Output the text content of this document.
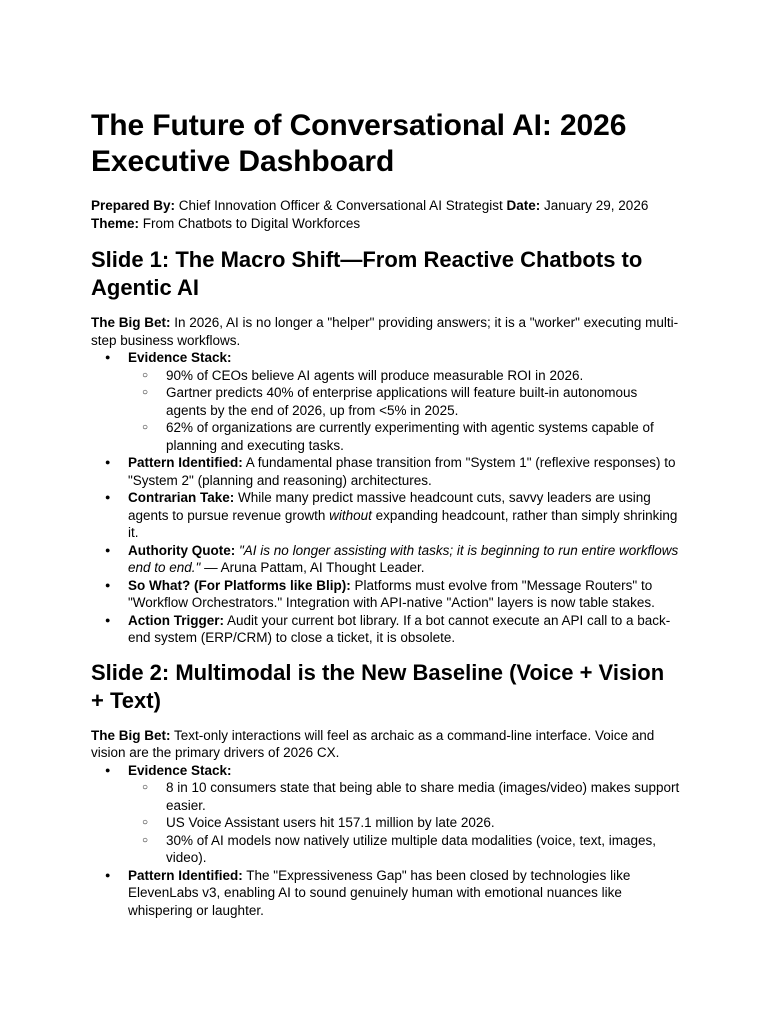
The Future of Conversational AI: 2026 Executive Dashboard

Prepared By: Chief Innovation Officer & Conversational AI Strategist Date: January 29, 2026
Theme: From Chatbots to Digital Workforces

Slide 1: The Macro Shift—From Reactive Chatbots to Agentic AI

The Big Bet: In 2026, AI is no longer a "helper" providing answers; it is a "worker" executing multi-step business workflows.

● Evidence Stack:
○ 90% of CEOs believe AI agents will produce measurable ROI in 2026.
○ Gartner predicts 40% of enterprise applications will feature built-in autonomous agents by the end of 2026, up from <5% in 2025.
○ 62% of organizations are currently experimenting with agentic systems capable of planning and executing tasks.
● Pattern Identified: A fundamental phase transition from "System 1" (reflexive responses) to "System 2" (planning and reasoning) architectures.
● Contrarian Take: While many predict massive headcount cuts, savvy leaders are using agents to pursue revenue growth without expanding headcount, rather than simply shrinking it.
● Authority Quote: "AI is no longer assisting with tasks; it is beginning to run entire workflows end to end." — Aruna Pattam, AI Thought Leader.
● So What? (For Platforms like Blip): Platforms must evolve from "Message Routers" to "Workflow Orchestrators." Integration with API-native "Action" layers is now table stakes.
● Action Trigger: Audit your current bot library. If a bot cannot execute an API call to a back-end system (ERP/CRM) to close a ticket, it is obsolete.
Slide 2: Multimodal is the New Baseline (Voice + Vision + Text)

The Big Bet: Text-only interactions will feel as archaic as a command-line interface. Voice and vision are the primary drivers of 2026 CX.

● Evidence Stack:
○ 8 in 10 consumers state that being able to share media (images/video) makes support easier.
○ US Voice Assistant users hit 157.1 million by late 2026.
○ 30% of AI models now natively utilize multiple data modalities (voice, text, images, video).
● Pattern Identified: The "Expressiveness Gap" has been closed by technologies like ElevenLabs v3, enabling AI to sound genuinely human with emotional nuances like whispering or laughter.
